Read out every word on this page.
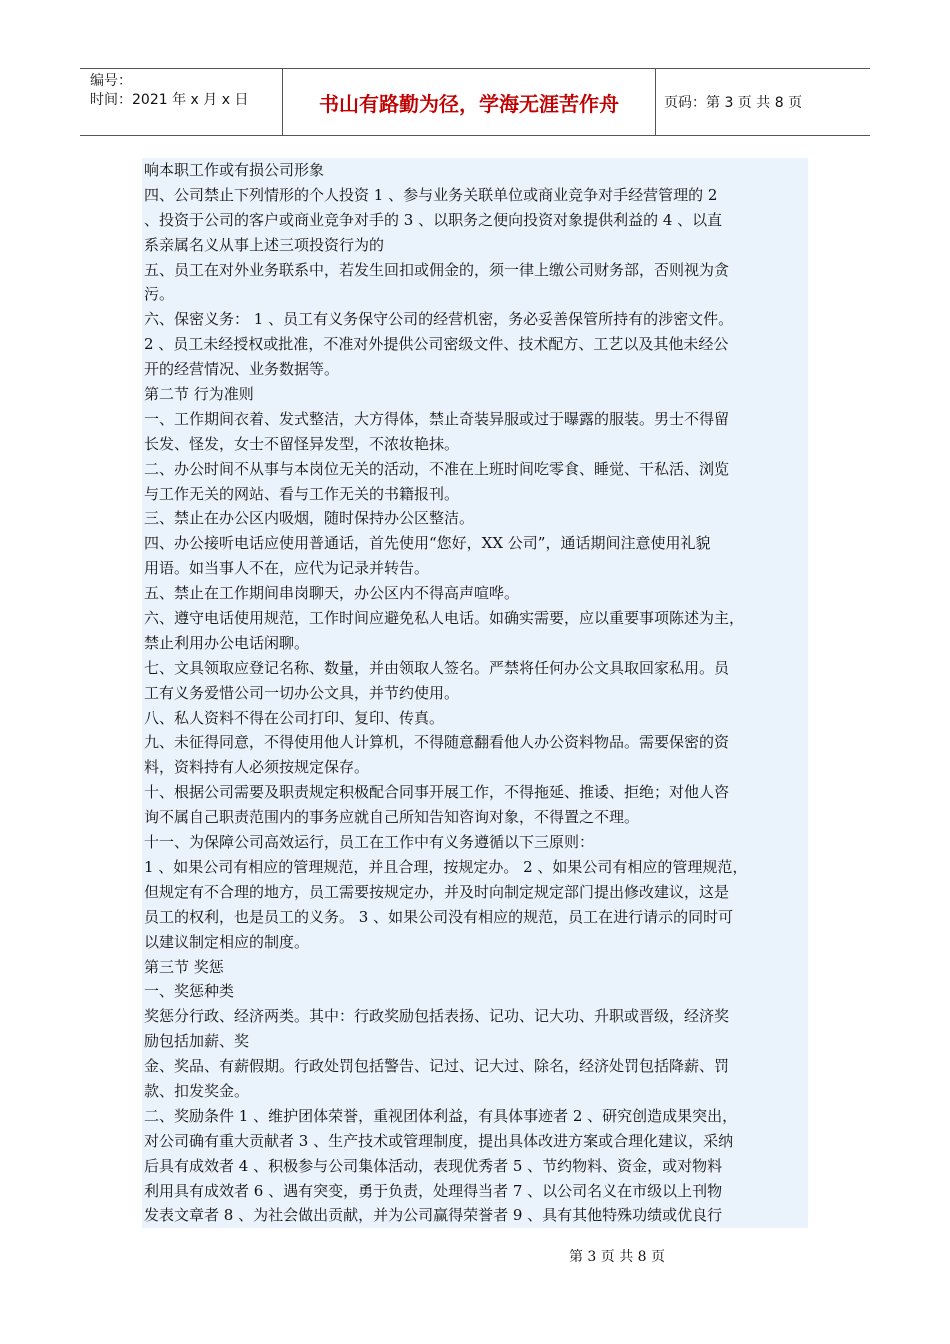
编号：
时间：2021 年 x 月 x 日	书山有路勤为径，学海无涯苦作舟	页码：第 3 页 共 8 页
响本职工作或有损公司形象
四、公司禁止下列情形的个人投资 1 、参与业务关联单位或商业竞争对手经营管理的 2
、投资于公司的客户或商业竞争对手的 3 、以职务之便向投资对象提供利益的 4 、以直
系亲属名义从事上述三项投资行为的
五、员工在对外业务联系中，若发生回扣或佣金的，须一律上缴公司财务部，否则视为贪
污。
六、保密义务： 1 、员工有义务保守公司的经营机密，务必妥善保管所持有的涉密文件。
2 、员工未经授权或批准，不准对外提供公司密级文件、技术配方、工艺以及其他未经公
开的经营情况、业务数据等。
第二节 行为准则
一、工作期间衣着、发式整洁，大方得体，禁止奇装异服或过于曝露的服装。男士不得留
长发、怪发，女士不留怪异发型，不浓妆艳抹。
二、办公时间不从事与本岗位无关的活动，不准在上班时间吃零食、睡觉、干私活、浏览
与工作无关的网站、看与工作无关的书籍报刊。
三、禁止在办公区内吸烟，随时保持办公区整洁。
四、办公接听电话应使用普通话，首先使用“您好，XX 公司”，通话期间注意使用礼貌
用语。如当事人不在，应代为记录并转告。
五、禁止在工作期间串岗聊天，办公区内不得高声喧哗。
六、遵守电话使用规范，工作时间应避免私人电话。如确实需要，应以重要事项陈述为主，
禁止利用办公电话闲聊。
七、文具领取应登记名称、数量，并由领取人签名。严禁将任何办公文具取回家私用。员
工有义务爱惜公司一切办公文具，并节约使用。
八、私人资料不得在公司打印、复印、传真。
九、未征得同意，不得使用他人计算机，不得随意翻看他人办公资料物品。需要保密的资
料，资料持有人必须按规定保存。
十、根据公司需要及职责规定积极配合同事开展工作，不得拖延、推诿、拒绝；对他人咨
询不属自己职责范围内的事务应就自己所知告知咨询对象，不得置之不理。
十一、为保障公司高效运行，员工在工作中有义务遵循以下三原则：
1 、如果公司有相应的管理规范，并且合理，按规定办。 2 、如果公司有相应的管理规范，
但规定有不合理的地方，员工需要按规定办，并及时向制定规定部门提出修改建议，这是
员工的权利，也是员工的义务。 3 、如果公司没有相应的规范，员工在进行请示的同时可
以建议制定相应的制度。
第三节 奖惩
一、奖惩种类
奖惩分行政、经济两类。其中：行政奖励包括表扬、记功、记大功、升职或晋级，经济奖
励包括加薪、奖
金、奖品、有薪假期。行政处罚包括警告、记过、记大过、除名，经济处罚包括降薪、罚
款、扣发奖金。
二、奖励条件 1 、维护团体荣誉，重视团体利益，有具体事迹者 2 、研究创造成果突出，
对公司确有重大贡献者 3 、生产技术或管理制度，提出具体改进方案或合理化建议，采纳
后具有成效者 4 、积极参与公司集体活动，表现优秀者 5 、节约物料、资金，或对物料
利用具有成效者 6 、遇有突变，勇于负责，处理得当者 7 、以公司名义在市级以上刊物
发表文章者 8 、为社会做出贡献，并为公司赢得荣誉者 9 、具有其他特殊功绩或优良行
第 3 页 共 8 页
